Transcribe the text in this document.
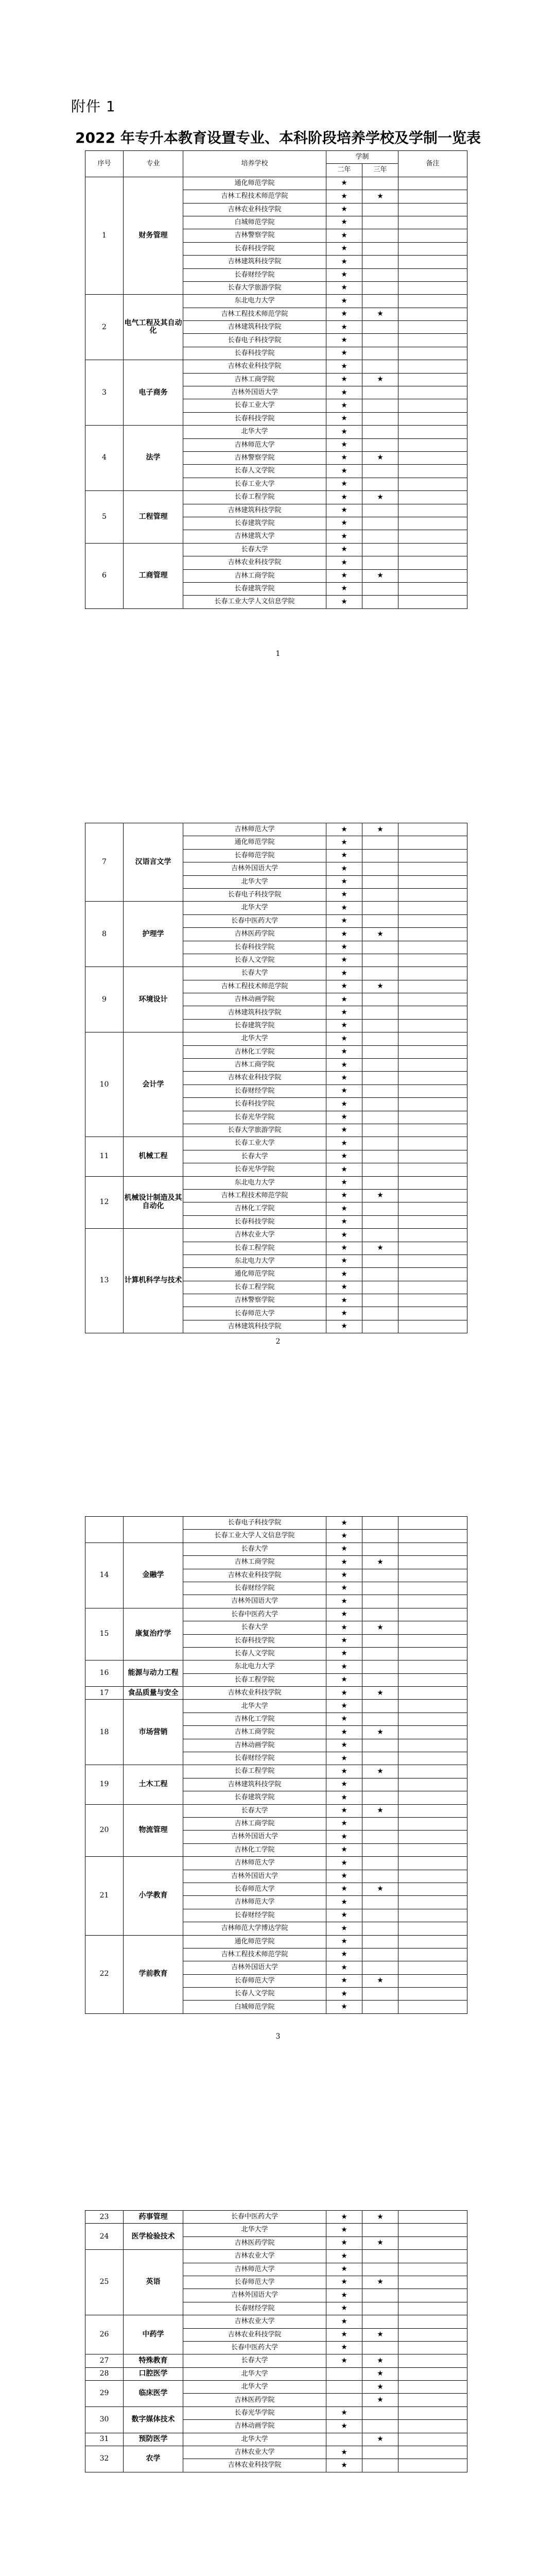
附件 1
2022 年专升本教育设置专业、本科阶段培养学校及学制一览表
序号	专业	培养学校	学制		备注
			二年	三年	
1	财务管理	通化师范学院	★		
		吉林工程技术师范学院	★	★	
		吉林农业科技学院	★		
		白城师范学院	★		
		吉林警察学院	★		
		长春科技学院	★		
		吉林建筑科技学院	★		
		长春财经学院	★		
		长春大学旅游学院	★		
2	电气工程及其自动化	东北电力大学	★		
		吉林工程技术师范学院	★	★	
		吉林建筑科技学院	★		
		长春电子科技学院	★		
		长春科技学院	★		
3	电子商务	吉林农业科技学院	★		
		吉林工商学院	★	★	
		吉林外国语大学	★		
		长春工业大学	★		
		长春科技学院	★		
4	法学	北华大学	★		
		吉林师范大学	★		
		吉林警察学院	★	★	
		长春人文学院	★		
		长春工业大学	★		
5	工程管理	长春工程学院	★	★	
		吉林建筑科技学院	★		
		长春建筑学院	★		
		吉林建筑大学	★		
6	工商管理	长春大学	★		
		吉林农业科技学院	★		
		吉林工商学院	★	★	
		长春建筑学院	★		
		长春工业大学人文信息学院	★		
1
7	汉语言文学	吉林师范大学	★	★	
		通化师范学院	★		
		长春师范学院	★		
		吉林外国语大学	★		
		北华大学	★		
		长春电子科技学院	★		
8	护理学	北华大学	★		
		长春中医药大学	★		
		吉林医药学院	★	★	
		长春科技学院	★		
		长春人文学院	★		
9	环境设计	长春大学	★		
		吉林工程技术师范学院	★	★	
		吉林动画学院	★		
		吉林建筑科技学院	★		
		长春建筑学院	★		
10	会计学	北华大学	★		
		吉林化工学院	★		
		吉林工商学院	★		
		吉林农业科技学院	★		
		长春财经学院	★		
		长春科技学院	★		
		长春光华学院	★		
		长春大学旅游学院	★		
11	机械工程	长春工业大学	★		
		长春大学	★		
		长春光华学院	★		
12	机械设计制造及其自动化	东北电力大学	★		
		吉林工程技术师范学院	★	★	
		吉林化工学院	★		
		长春科技学院	★		
13	计算机科学与技术	吉林农业大学	★		
		长春工程学院	★	★	
		东北电力大学	★		
		通化师范学院	★		
		长春工程学院	★		
		吉林警察学院	★		
		长春师范大学	★		
		吉林建筑科技学院	★		
2
		长春电子科技学院	★		
		长春工业大学人文信息学院	★		
14	金融学	长春大学	★		
		吉林工商学院	★	★	
		吉林农业科技学院	★		
		长春财经学院	★		
		吉林外国语大学	★		
15	康复治疗学	长春中医药大学	★		
		长春大学	★	★	
		长春科技学院	★		
		长春人文学院	★		
16	能源与动力工程	东北电力大学	★		
		长春工程学院	★		
17	食品质量与安全	吉林农业科技学院	★	★	
18	市场营销	北华大学	★		
		吉林化工学院	★		
		吉林工商学院	★	★	
		吉林动画学院	★		
		长春财经学院	★		
19	土木工程	长春工程学院	★	★	
		吉林建筑科技学院	★		
		长春建筑学院	★		
20	物流管理	长春大学	★	★	
		吉林工商学院	★		
		吉林外国语大学	★		
		吉林化工学院	★		
21	小学教育	吉林师范大学	★		
		吉林外国语大学	★		
		长春师范大学	★	★	
		吉林师范大学	★		
		长春财经学院	★		
		吉林师范大学博达学院	★		
22	学前教育	通化师范学院	★		
		吉林工程技术师范学院	★		
		吉林外国语大学	★		
		长春师范大学	★	★	
		长春人文学院	★		
		白城师范学院	★		
3
23	药事管理	长春中医药大学	★	★	
24	医学检验技术	北华大学	★		
		吉林医药学院	★	★	
25	英语	吉林农业大学	★		
		吉林师范大学	★		
		长春师范大学	★	★	
		吉林外国语大学	★		
		长春财经学院	★		
26	中药学	吉林农业大学	★		
		吉林农业科技学院	★	★	
		长春中医药大学	★		
27	特殊教育	长春大学	★	★	
28	口腔医学	北华大学		★	
29	临床医学	北华大学		★	
		吉林医药学院		★	
30	数字媒体技术	长春光华学院	★		
		吉林动画学院	★		
31	预防医学	北华大学		★	
32	农学	吉林农业大学	★		
		吉林农业科技学院	★		
